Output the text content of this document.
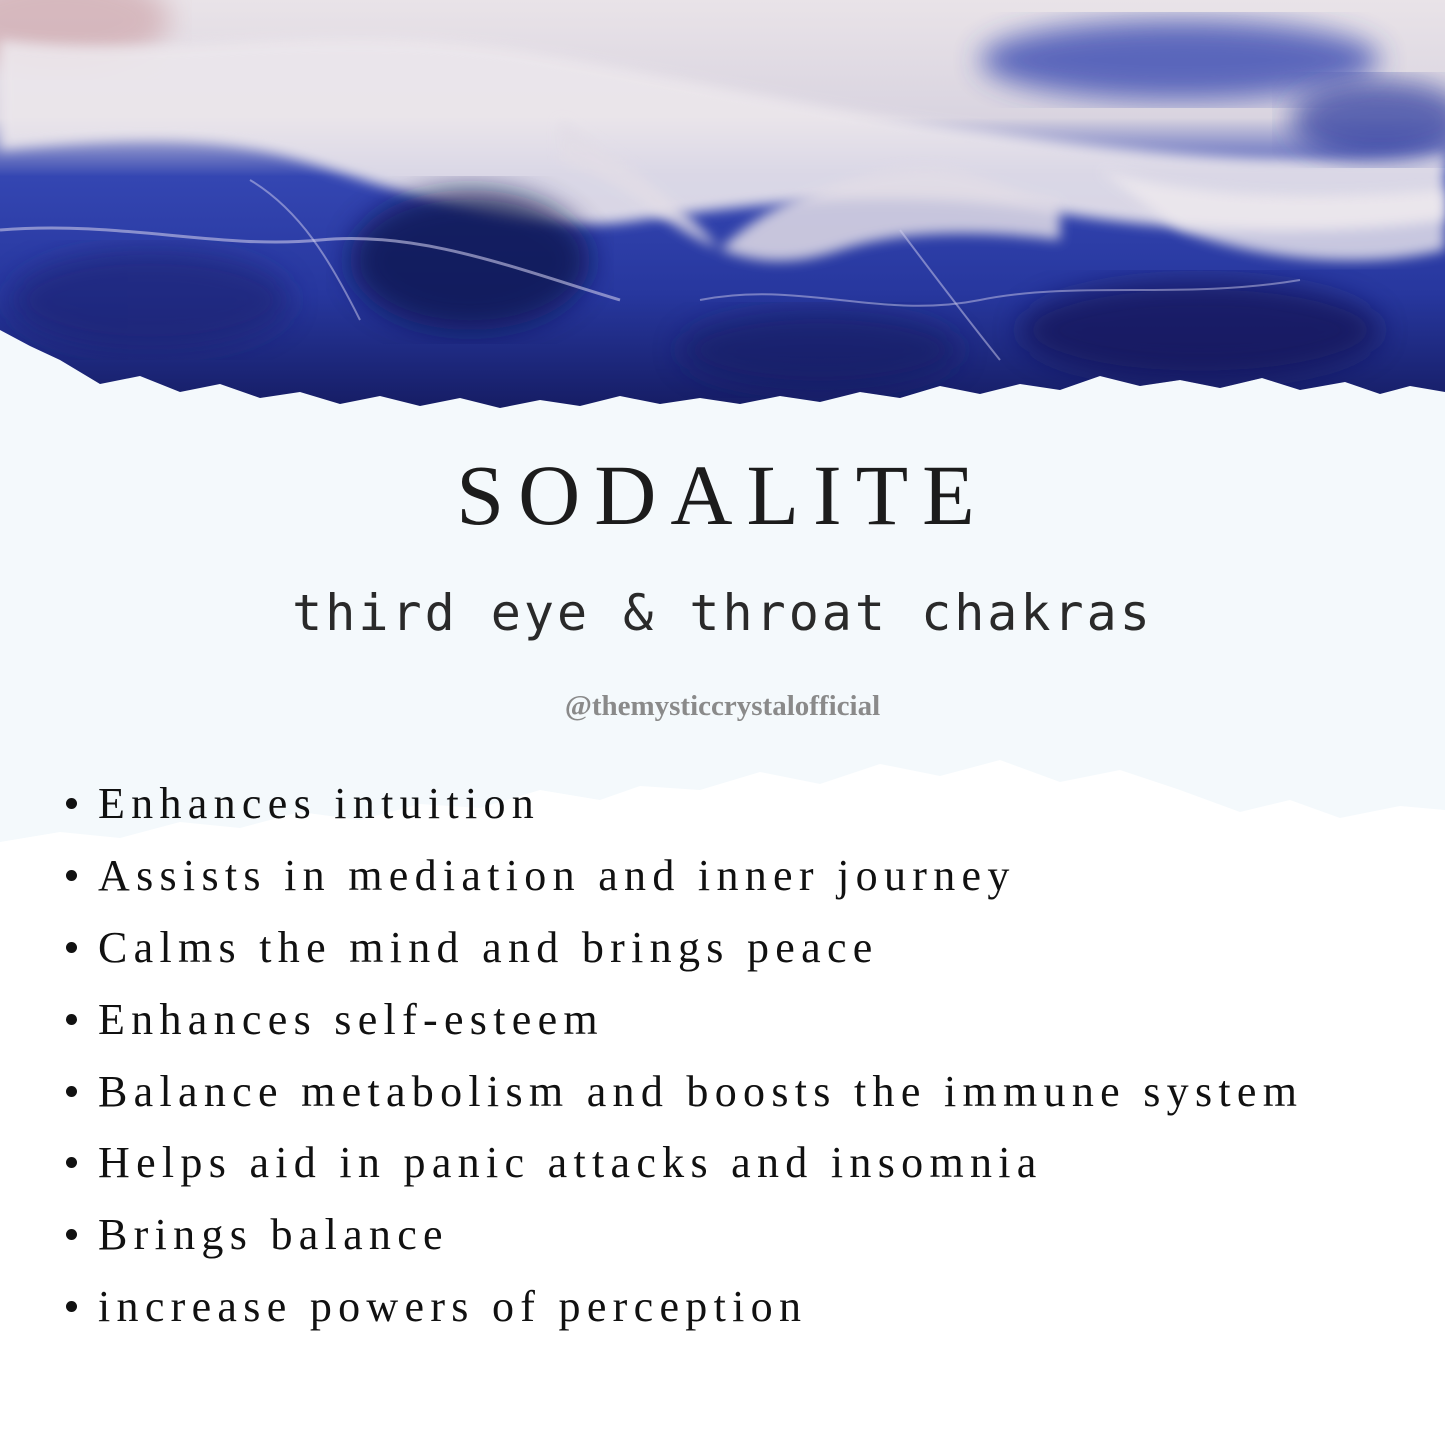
SODALITE
third eye & throat chakras
@themysticcrystalofficial
Enhances intuition
Assists in mediation and inner journey
Calms the mind and brings peace
Enhances self-esteem
Balance metabolism and boosts the immune system
Helps aid in panic attacks and insomnia
Brings balance
increase powers of perception
